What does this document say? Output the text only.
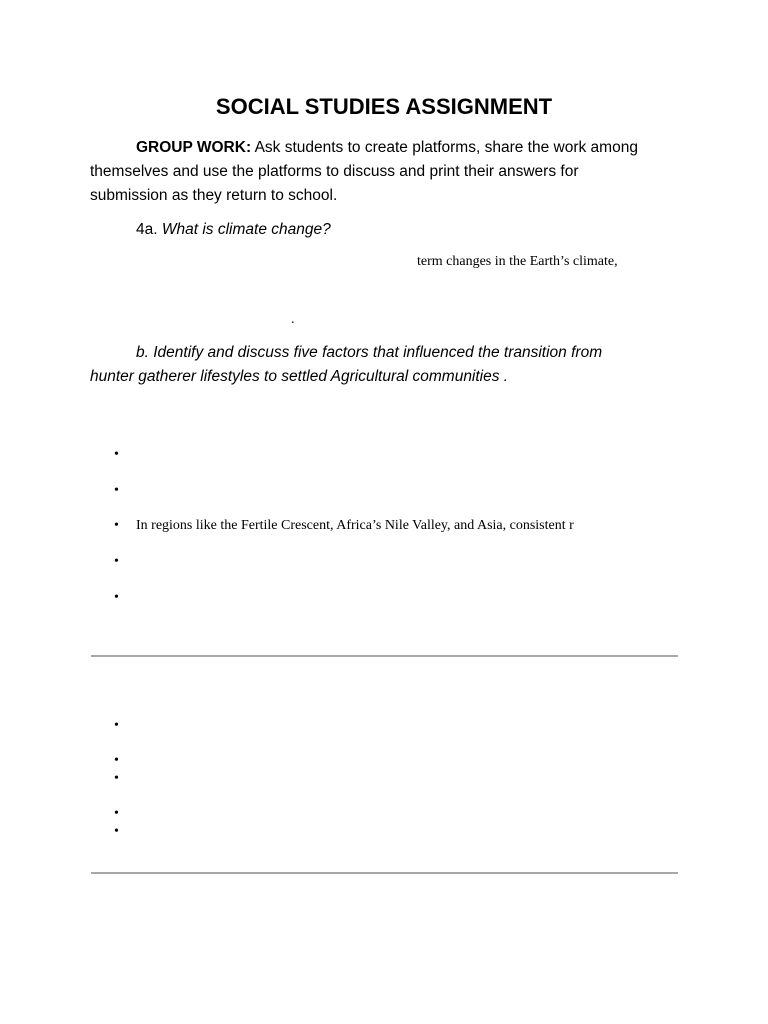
SOCIAL STUDIES ASSIGNMENT
GROUP WORK: Ask students to create platforms, share the work among
themselves and use the platforms to discuss and print their answers for
submission as they return to school.
4a. What is climate change?
term changes in the Earth’s climate,
.
b. Identify and discuss five factors that influenced the transition from
hunter gatherer lifestyles to settled Agricultural communities .
•
•
• In regions like the Fertile Crescent, Africa’s Nile Valley, and Asia, consistent r
•
•
•
•
•
•
•
